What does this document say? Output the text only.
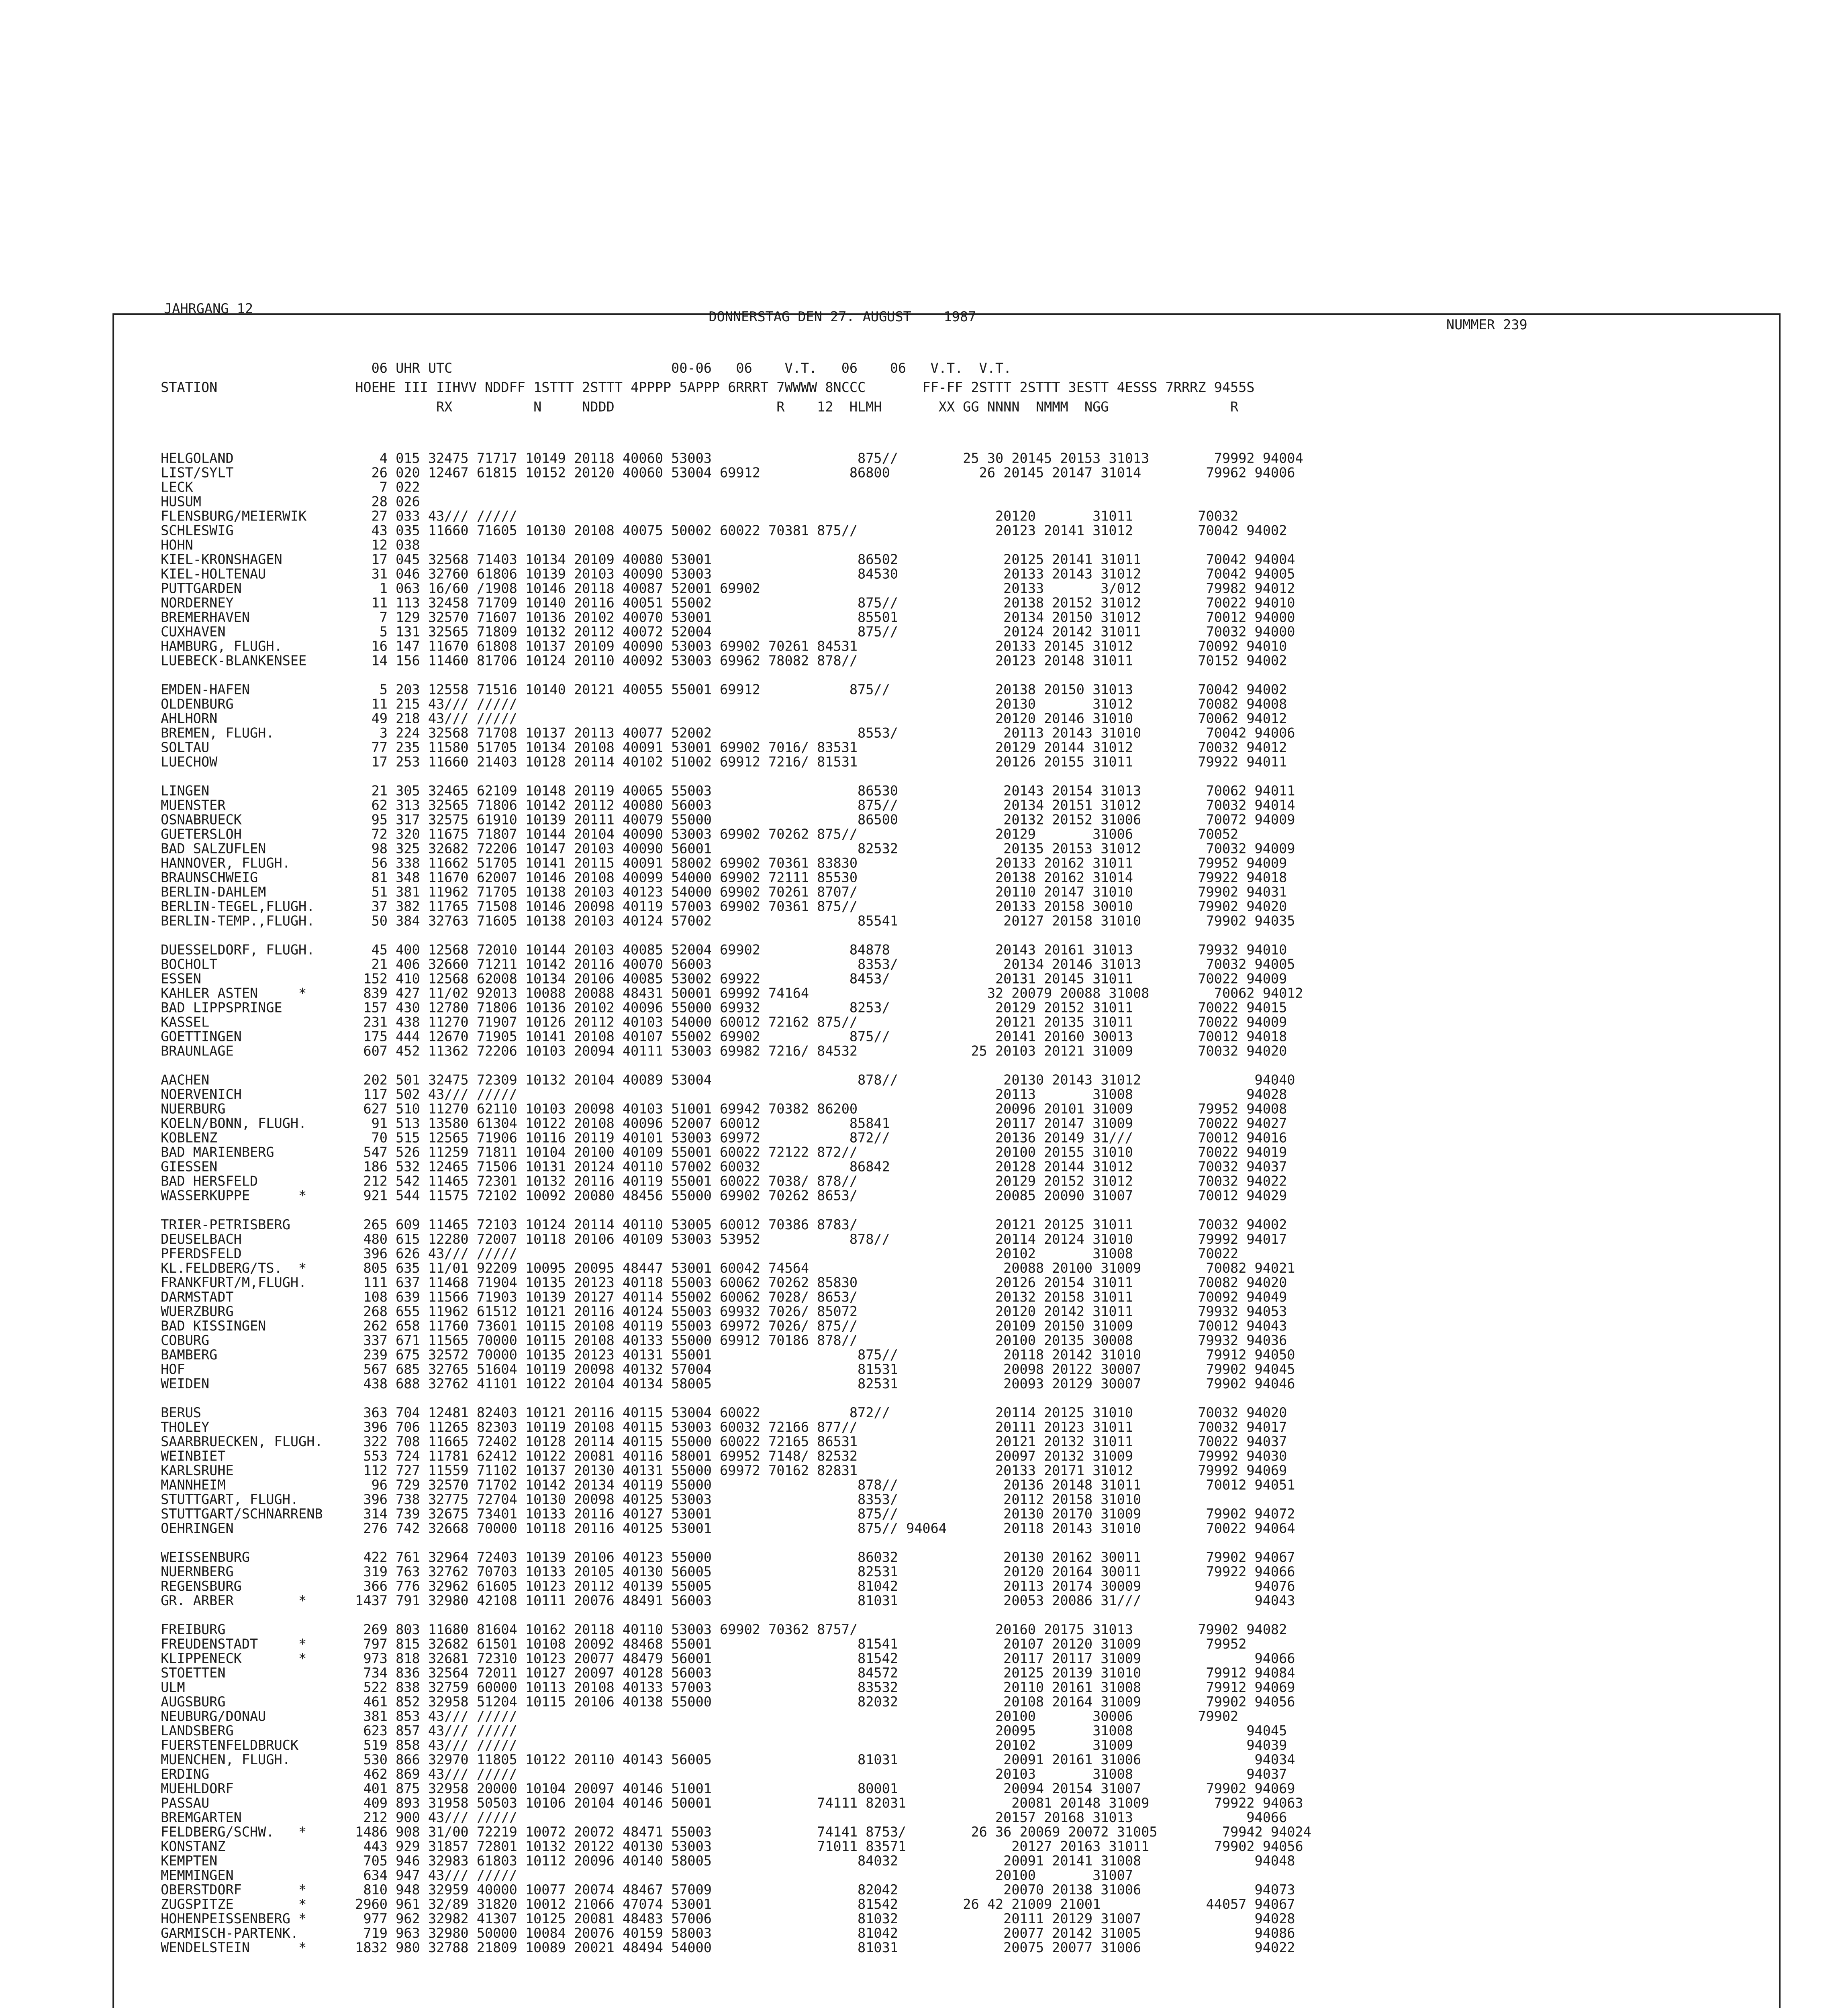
JAHRGANG 12
DONNERSTAG DEN 27. AUGUST    1987	NUMMER 239
06 UHR UTC                           00-06   06    V.T.   06    06   V.T.  V.T.
STATION                 HOEHE III IIHVV NDDFF 1STTT 2STTT 4PPPP 5APPP 6RRRT 7WWWW 8NCCC       FF-FF 2STTT 2STTT 3ESTT 4ESSS 7RRRZ 9455S
RX          N     NDDD                    R    12  HLMH       XX GG NNNN  NMMM  NGG               R
HELGOLAND                  4 015 32475 71717 10149 20118 40060 53003                  875//        25 30 20145 20153 31013        79992 94004
LIST/SYLT                 26 020 12467 61815 10152 20120 40060 53004 69912           86800           26 20145 20147 31014        79962 94006
LECK                       7 022
HUSUM                     28 026
FLENSBURG/MEIERWIK        27 033 43/// /////                                                           20120       31011        70032
SCHLESWIG                 43 035 11660 71605 10130 20108 40075 50002 60022 70381 875//                 20123 20141 31012        70042 94002
HOHN                      12 038
KIEL-KRONSHAGEN           17 045 32568 71403 10134 20109 40080 53001                  86502             20125 20141 31011        70042 94004
KIEL-HOLTENAU             31 046 32760 61806 10139 20103 40090 53003                  84530             20133 20143 31012        70042 94005
PUTTGARDEN                 1 063 16/60 /1908 10146 20118 40087 52001 69902                              20133       3/012        79982 94012
NORDERNEY                 11 113 32458 71709 10140 20116 40051 55002                  875//             20138 20152 31012        70022 94010
BREMERHAVEN                7 129 32570 71607 10136 20102 40070 53001                  85501             20134 20150 31012        70012 94000
CUXHAVEN                   5 131 32565 71809 10132 20112 40072 52004                  875//             20124 20142 31011        70032 94000
HAMBURG, FLUGH.           16 147 11670 61808 10137 20109 40090 53003 69902 70261 84531                 20133 20145 31012        70092 94010
LUEBECK-BLANKENSEE        14 156 11460 81706 10124 20110 40092 53003 69962 78082 878//                 20123 20148 31011        70152 94002
EMDEN-HAFEN                5 203 12558 71516 10140 20121 40055 55001 69912           875//             20138 20150 31013        70042 94002
OLDENBURG                 11 215 43/// /////                                                           20130       31012        70082 94008
AHLHORN                   49 218 43/// /////                                                           20120 20146 31010        70062 94012
BREMEN, FLUGH.             3 224 32568 71708 10137 20113 40077 52002                  8553/             20113 20143 31010        70042 94006
SOLTAU                    77 235 11580 51705 10134 20108 40091 53001 69902 7016/ 83531                 20129 20144 31012        70032 94012
LUECHOW                   17 253 11660 21403 10128 20114 40102 51002 69912 7216/ 81531                 20126 20155 31011        79922 94011
LINGEN                    21 305 32465 62109 10148 20119 40065 55003                  86530             20143 20154 31013        70062 94011
MUENSTER                  62 313 32565 71806 10142 20112 40080 56003                  875//             20134 20151 31012        70032 94014
OSNABRUECK                95 317 32575 61910 10139 20111 40079 55000                  86500             20132 20152 31006        70072 94009
GUETERSLOH                72 320 11675 71807 10144 20104 40090 53003 69902 70262 875//                 20129       31006        70052
BAD SALZUFLEN             98 325 32682 72206 10147 20103 40090 56001                  82532             20135 20153 31012        70032 94009
HANNOVER, FLUGH.          56 338 11662 51705 10141 20115 40091 58002 69902 70361 83830                 20133 20162 31011        79952 94009
BRAUNSCHWEIG              81 348 11670 62007 10146 20108 40099 54000 69902 72111 85530                 20138 20162 31014        79922 94018
BERLIN-DAHLEM             51 381 11962 71705 10138 20103 40123 54000 69902 70261 8707/                 20110 20147 31010        79902 94031
BERLIN-TEGEL,FLUGH.       37 382 11765 71508 10146 20098 40119 57003 69902 70361 875//                 20133 20158 30010        79902 94020
BERLIN-TEMP.,FLUGH.       50 384 32763 71605 10138 20103 40124 57002                  85541             20127 20158 31010        79902 94035
DUESSELDORF, FLUGH.       45 400 12568 72010 10144 20103 40085 52004 69902           84878             20143 20161 31013        79932 94010
BOCHOLT                   21 406 32660 71211 10142 20116 40070 56003                  8353/             20134 20146 31013        70032 94005
ESSEN                    152 410 12568 62008 10134 20106 40085 53002 69922           8453/             20131 20145 31011        70022 94009
KAHLER ASTEN     *       839 427 11/02 92013 10088 20088 48431 50001 69992 74164                      32 20079 20088 31008        70062 94012
BAD LIPPSPRINGE          157 430 12780 71806 10136 20102 40096 55000 69932           8253/             20129 20152 31011        70022 94015
KASSEL                   231 438 11270 71907 10126 20112 40103 54000 60012 72162 875//                 20121 20135 31011        70022 94009
GOETTINGEN               175 444 12670 71905 10141 20108 40107 55002 69902           875//             20141 20160 30013        70012 94018
BRAUNLAGE                607 452 11362 72206 10103 20094 40111 53003 69982 7216/ 84532              25 20103 20121 31009        70032 94020
AACHEN                   202 501 32475 72309 10132 20104 40089 53004                  878//             20130 20143 31012              94040
NOERVENICH               117 502 43/// /////                                                           20113       31008              94028
NUERBURG                 627 510 11270 62110 10103 20098 40103 51001 69942 70382 86200                 20096 20101 31009        79952 94008
KOELN/BONN, FLUGH.        91 513 13580 61304 10122 20108 40096 52007 60012           85841             20117 20147 31009        70022 94027
KOBLENZ                   70 515 12565 71906 10116 20119 40101 53003 69972           872//             20136 20149 31///        70012 94016
BAD MARIENBERG           547 526 11259 71811 10104 20100 40109 55001 60022 72122 872//                 20100 20155 31010        70022 94019
GIESSEN                  186 532 12465 71506 10131 20124 40110 57002 60032           86842             20128 20144 31012        70032 94037
BAD HERSFELD             212 542 11465 72301 10132 20116 40119 55001 60022 7038/ 878//                 20129 20152 31012        70032 94022
WASSERKUPPE      *       921 544 11575 72102 10092 20080 48456 55000 69902 70262 8653/                 20085 20090 31007        70012 94029
TRIER-PETRISBERG         265 609 11465 72103 10124 20114 40110 53005 60012 70386 8783/                 20121 20125 31011        70032 94002
DEUSELBACH               480 615 12280 72007 10118 20106 40109 53003 53952           878//             20114 20124 31010        79992 94017
PFERDSFELD               396 626 43/// /////                                                           20102       31008        70022
KL.FELDBERG/TS.  *       805 635 11/01 92209 10095 20095 48447 53001 60042 74564                        20088 20100 31009        70082 94021
FRANKFURT/M,FLUGH.       111 637 11468 71904 10135 20123 40118 55003 60062 70262 85830                 20126 20154 31011        70082 94020
DARMSTADT                108 639 11566 71903 10139 20127 40114 55002 60062 7028/ 8653/                 20132 20158 31011        70092 94049
WUERZBURG                268 655 11962 61512 10121 20116 40124 55003 69932 7026/ 85072                 20120 20142 31011        79932 94053
BAD KISSINGEN            262 658 11760 73601 10115 20108 40119 55003 69972 7026/ 875//                 20109 20150 31009        70012 94043
COBURG                   337 671 11565 70000 10115 20108 40133 55000 69912 70186 878//                 20100 20135 30008        79932 94036
BAMBERG                  239 675 32572 70000 10135 20123 40131 55001                  875//             20118 20142 31010        79912 94050
HOF                      567 685 32765 51604 10119 20098 40132 57004                  81531             20098 20122 30007        79902 94045
WEIDEN                   438 688 32762 41101 10122 20104 40134 58005                  82531             20093 20129 30007        79902 94046
BERUS                    363 704 12481 82403 10121 20116 40115 53004 60022           872//             20114 20125 31010        70032 94020
THOLEY                   396 706 11265 82303 10119 20108 40115 53003 60032 72166 877//                 20111 20123 31011        70032 94017
SAARBRUECKEN, FLUGH.     322 708 11665 72402 10128 20114 40115 55000 60022 72165 86531                 20121 20132 31011        70022 94037
WEINBIET                 553 724 11781 62412 10122 20081 40116 58001 69952 7148/ 82532                 20097 20132 31009        79992 94030
KARLSRUHE                112 727 11559 71102 10137 20130 40131 55000 69972 70162 82831                 20133 20171 31012        79992 94069
MANNHEIM                  96 729 32570 71702 10142 20134 40119 55000                  878//             20136 20148 31011        70012 94051
STUTTGART, FLUGH.        396 738 32775 72704 10130 20098 40125 53003                  8353/             20112 20158 31010
STUTTGART/SCHNARRENB     314 739 32675 73401 10133 20116 40127 53001                  875//             20130 20170 31009        79902 94072
OEHRINGEN                276 742 32668 70000 10118 20116 40125 53001                  875// 94064       20118 20143 31010        70022 94064
WEISSENBURG              422 761 32964 72403 10139 20106 40123 55000                  86032             20130 20162 30011        79902 94067
NUERNBERG                319 763 32762 70703 10133 20105 40130 56005                  82531             20120 20164 30011        79922 94066
REGENSBURG               366 776 32962 61605 10123 20112 40139 55005                  81042             20113 20174 30009              94076
GR. ARBER        *      1437 791 32980 42108 10111 20076 48491 56003                  81031             20053 20086 31///              94043
FREIBURG                 269 803 11680 81604 10162 20118 40110 53003 69902 70362 8757/                 20160 20175 31013        79902 94082
FREUDENSTADT     *       797 815 32682 61501 10108 20092 48468 55001                  81541             20107 20120 31009        79952
KLIPPENECK       *       973 818 32681 72310 10123 20077 48479 56001                  81542             20117 20117 31009              94066
STOETTEN                 734 836 32564 72011 10127 20097 40128 56003                  84572             20125 20139 31010        79912 94084
ULM                      522 838 32759 60000 10113 20108 40133 57003                  83532             20110 20161 31008        79912 94069
AUGSBURG                 461 852 32958 51204 10115 20106 40138 55000                  82032             20108 20164 31009        79902 94056
NEUBURG/DONAU            381 853 43/// /////                                                           20100       30006        79902
LANDSBERG                623 857 43/// /////                                                           20095       31008              94045
FUERSTENFELDBRUCK        519 858 43/// /////                                                           20102       31009              94039
MUENCHEN, FLUGH.         530 866 32970 11805 10122 20110 40143 56005                  81031             20091 20161 31006              94034
ERDING                   462 869 43/// /////                                                           20103       31008              94037
MUEHLDORF                401 875 32958 20000 10104 20097 40146 51001                  80001             20094 20154 31007        79902 94069
PASSAU                   409 893 31958 50503 10106 20104 40146 50001             74111 82031             20081 20148 31009        79922 94063
BREMGARTEN               212 900 43/// /////                                                           20157 20168 31013              94066
FELDBERG/SCHW.   *      1486 908 31/00 72219 10072 20072 48471 55003             74141 8753/        26 36 20069 20072 31005        79942 94024
KONSTANZ                 443 929 31857 72801 10132 20122 40130 53003             71011 83571             20127 20163 31011        79902 94056
KEMPTEN                  705 946 32983 61803 10112 20096 40140 58005                  84032             20091 20141 31008              94048
MEMMINGEN                634 947 43/// /////                                                           20100       31007
OBERSTDORF       *       810 948 32959 40000 10077 20074 48467 57009                  82042             20070 20138 31006              94073
ZUGSPITZE        *      2960 961 32/89 31820 10012 21066 47074 53001                  81542        26 42 21009 21001             44057 94067
HOHENPEISSENBERG *       977 962 32982 41307 10125 20081 48483 57006                  81032             20111 20129 31007              94028
GARMISCH-PARTENK.        719 963 32980 50000 10084 20076 40159 58003                  81042             20077 20142 31005              94086
WENDELSTEIN      *      1832 980 32788 21809 10089 20021 48494 54000                  81031             20075 20077 31006              94022
